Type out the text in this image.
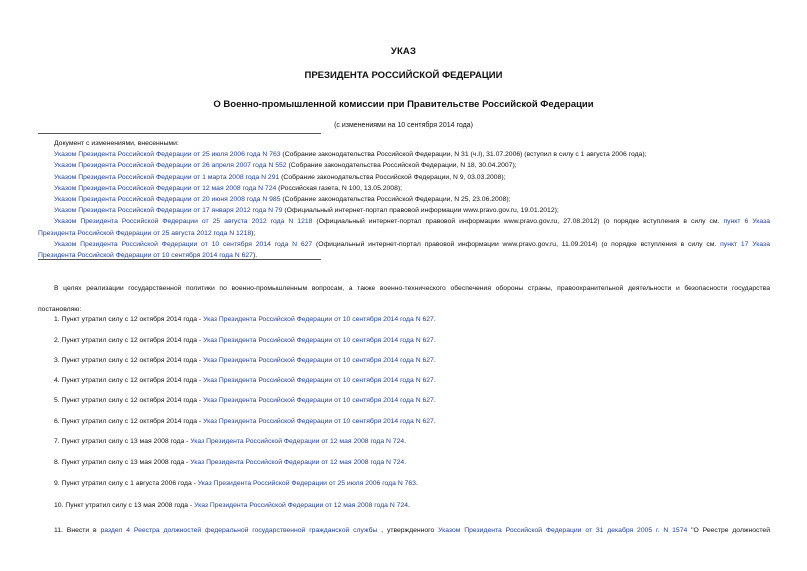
УКАЗ
ПРЕЗИДЕНТА РОССИЙСКОЙ ФЕДЕРАЦИИ
О Военно-промышленной комиссии при Правительстве Российской Федерации
(с изменениями на 10 сентября 2014 года)
Документ с изменениями, внесенными:
Указом Президента Российской Федерации от 25 июля 2006 года N 763 (Собрание законодательства Российской Федерации, N 31 (ч.I), 31.07.2006) (вступил в силу с 1 августа 2006 года);
Указом Президента Российской Федерации от 26 апреля 2007 года N 552 (Собрание законодательства Российской Федерации, N 18, 30.04.2007);
Указом Президента Российской Федерации от 1 марта 2008 года N 291 (Собрание законодательства Российской Федерации, N 9, 03.03.2008);
Указом Президента Российской Федерации от 12 мая 2008 года N 724 (Российская газета, N 100, 13.05.2008);
Указом Президента Российской Федерации от 20 июня 2008 года N 985 (Собрание законодательства Российской Федерации, N 25, 23.06.2008);
Указом Президента Российской Федерации от 17 января 2012 года N 79 (Официальный интернет-портал правовой информации www.pravo.gov.ru, 19.01.2012);
Указом Президента Российской Федерации от 25 августа 2012 года N 1218 (Официальный интернет-портал правовой информации www.pravo.gov.ru, 27.08.2012) (о порядке вступления в силу см. пункт 6 Указа
Президента Российской Федерации от 25 августа 2012 года N 1218);
Указом Президента Российской Федерации от 10 сентября 2014 года N 627 (Официальный интернет-портал правовой информации www.pravo.gov.ru, 11.09.2014) (о порядке вступления в силу см. пункт 17 Указа
Президента Российской Федерации от 10 сентября 2014 года N 627).
В целях реализации государственной политики по военно-промышленным вопросам, а также военно-технического обеспечения обороны страны, правоохранительной деятельности и безопасности государства
постановляю:
1. Пункт утратил силу с 12 октября 2014 года - Указ Президента Российской Федерации от 10 сентября 2014 года N 627.
2. Пункт утратил силу с 12 октября 2014 года - Указ Президента Российской Федерации от 10 сентября 2014 года N 627.
3. Пункт утратил силу с 12 октября 2014 года - Указ Президента Российской Федерации от 10 сентября 2014 года N 627.
4. Пункт утратил силу с 12 октября 2014 года - Указ Президента Российской Федерации от 10 сентября 2014 года N 627.
5. Пункт утратил силу с 12 октября 2014 года - Указ Президента Российской Федерации от 10 сентября 2014 года N 627.
6. Пункт утратил силу с 12 октября 2014 года - Указ Президента Российской Федерации от 10 сентября 2014 года N 627.
7. Пункт утратил силу с 13 мая 2008 года - Указ Президента Российской Федерации от 12 мая 2008 года N 724.
8. Пункт утратил силу с 13 мая 2008 года - Указ Президента Российской Федерации от 12 мая 2008 года N 724.
9. Пункт утратил силу с 1 августа 2006 года - Указ Президента Российской Федерации от 25 июля 2006 года N 763.
10. Пункт утратил силу с 13 мая 2008 года - Указ Президента Российской Федерации от 12 мая 2008 года N 724.
11. Внести в раздел 4 Реестра должностей федеральной государственной гражданской службы , утвержденного Указом Президента Российской Федерации от 31 декабря 2005 г. N 1574 "О Реестре должностей
